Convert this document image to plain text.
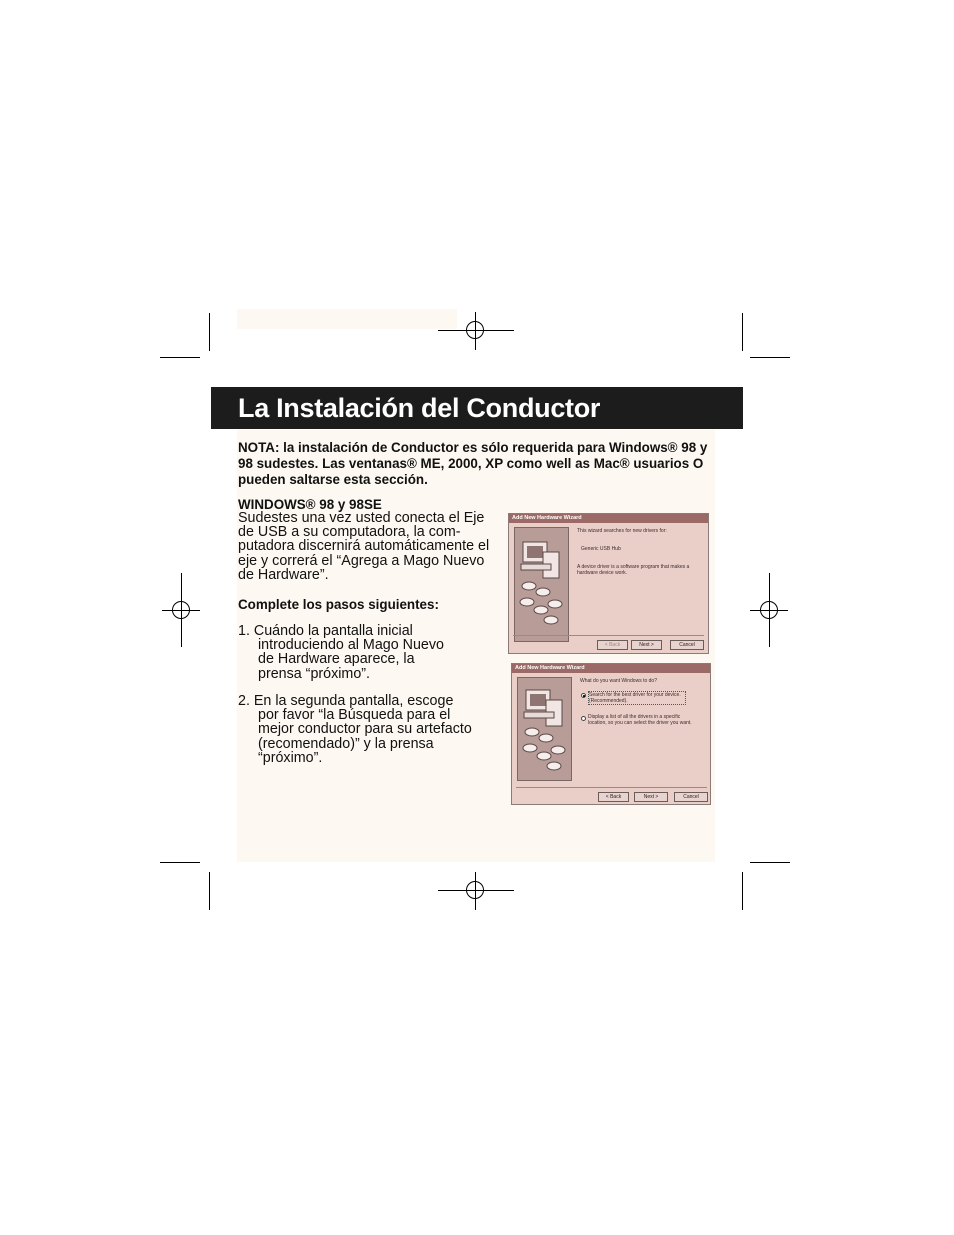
La Instalación del Conductor
NOTA: la instalación de Conductor es sólo requerida para Windows® 98 y 98 sudestes. Las ventanas® ME, 2000, XP como well as Mac® usuarios O pueden saltarse esta sección.
WINDOWS® 98 y 98SE
Sudestes una vez usted conecta el Eje de USB a su computadora, la com- putadora discernirá automáticamente el eje y correrá el “Agrega a Mago Nuevo de Hardware”.
Complete los pasos siguientes:
1. Cuándo la pantalla inicial
introduciendo al Mago Nuevo
de Hardware aparece, la
prensa “próximo”.
2. En la segunda pantalla, escoge
por favor “la Búsqueda para el
mejor conductor para su artefacto
(recomendado)” y la prensa
“próximo”.
Add New Hardware Wizard
This wizard searches for new drivers for:
Generic USB Hub
A device driver is a software program that makes a hardware device work.
< Back	Next >	Cancel
Add New Hardware Wizard
What do you want Windows to do?
Search for the best driver for your device. (Recommended).
Display a list of all the drivers in a specific location, so you can select the driver you want.
< Back	Next >	Cancel
